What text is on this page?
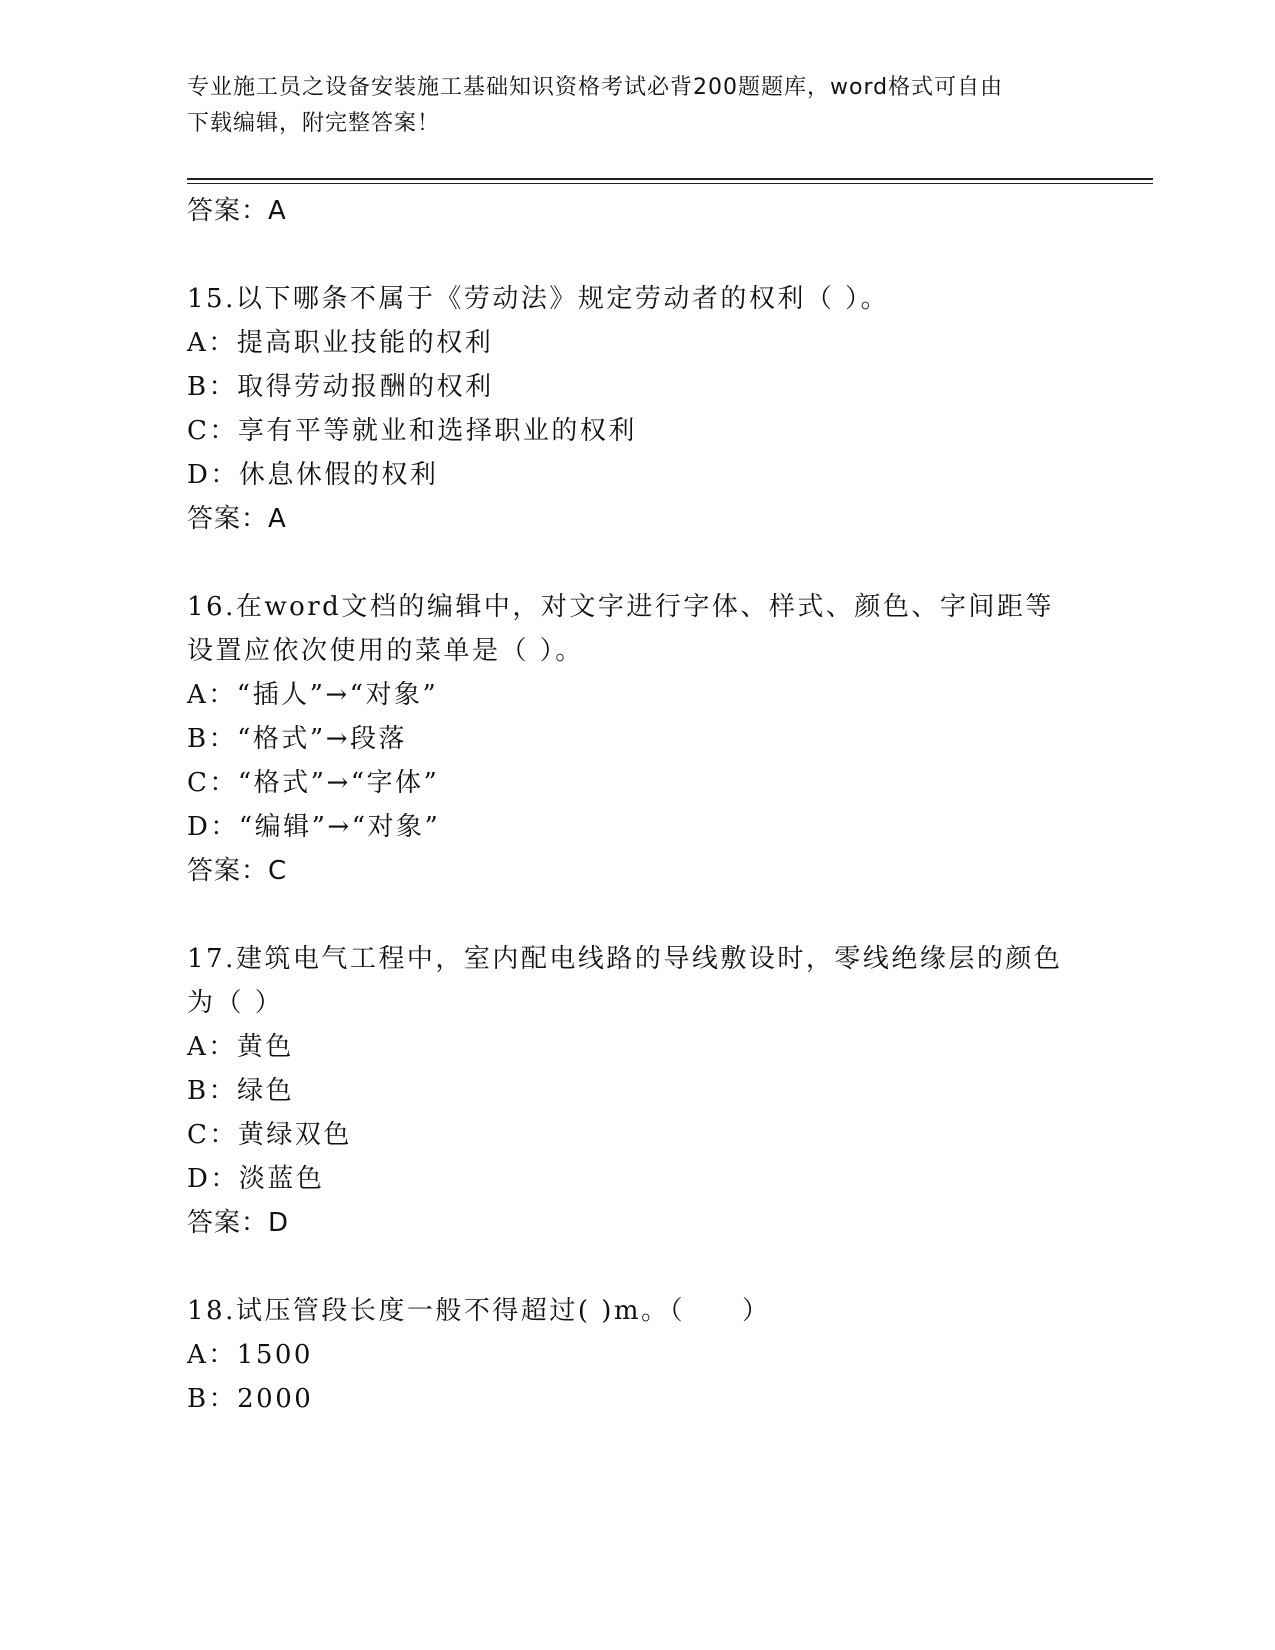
专业施工员之设备安装施工基础知识资格考试必背200题题库，word格式可自由
下载编辑，附完整答案！
答案：A
15.以下哪条不属于《劳动法》规定劳动者的权利（ ）。
A：提高职业技能的权利
B：取得劳动报酬的权利
C：享有平等就业和选择职业的权利
D：休息休假的权利
答案：A
16.在word文档的编辑中，对文字进行字体、样式、颜色、字间距等
设置应依次使用的菜单是（ ）。
A：“插人”→“对象”
B：“格式”→段落
C：“格式”→“字体”
D：“编辑”→“对象”
答案：C
17.建筑电气工程中，室内配电线路的导线敷设时，零线绝缘层的颜色
为（ ）
A：黄色
B：绿色
C：黄绿双色
D：淡蓝色
答案：D
18.试压管段长度一般不得超过( )m。（　　）
A：1500
B：2000
